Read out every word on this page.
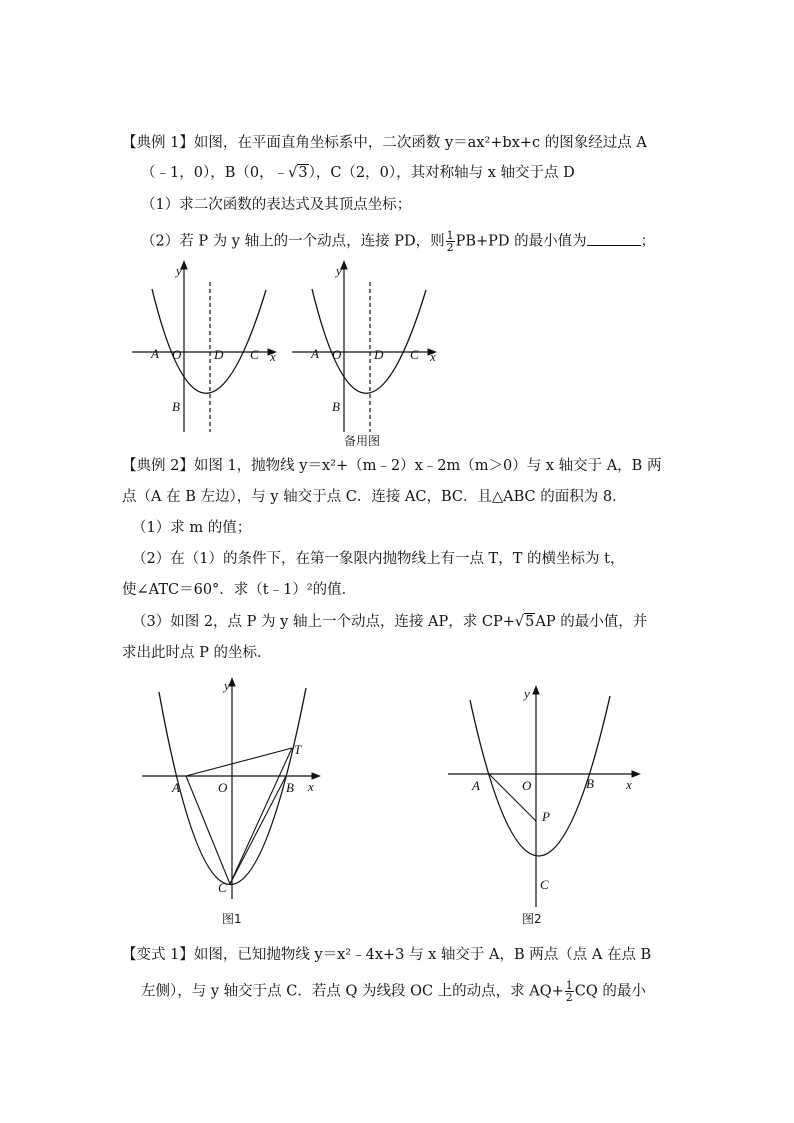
【典例 1】如图，在平面直角坐标系中，二次函数 y＝ax²+bx+c 的图象经过点 A
（﹣1，0），B（0，﹣√3），C（2，0），其对称轴与 x 轴交于点 D
（1）求二次函数的表达式及其顶点坐标；
（2）若 P 为 y 轴上的一个动点，连接 PD，则 $\frac{1}{2} PB+PD$ 的最小值为	；
y
x
A O	D C
B
y
x
A O	D C
B
备用图
【典例 2】如图 1，抛物线 y＝x²+（m﹣2）x﹣2m（m＞0）与 x 轴交于 A，B 两
点（A 在 B 左边），与 y 轴交于点 C．连接 AC，BC．且△ABC 的面积为 8．
（1）求 m 的值；
（2）在（1）的条件下，在第一象限内抛物线上有一点 T，T 的横坐标为 t，
使∠ATC＝60°．求（t﹣1）²的值．
（3）如图 2，点 P 为 y 轴上一个动点，连接 AP，求 CP+√5AP 的最小值，并
求出此时点 P 的坐标．
y
x
T
A	O	B
C
图1
y
x
A	O	B
P
C
图2
【变式 1】如图，已知抛物线 y＝x²﹣4x+3 与 x 轴交于 A，B 两点（点 A 在点 B
左侧），与 y 轴交于点 C．若点 Q 为线段 OC 上的动点，求 $AQ+ \frac{1}{2}$ CQ 的最小
